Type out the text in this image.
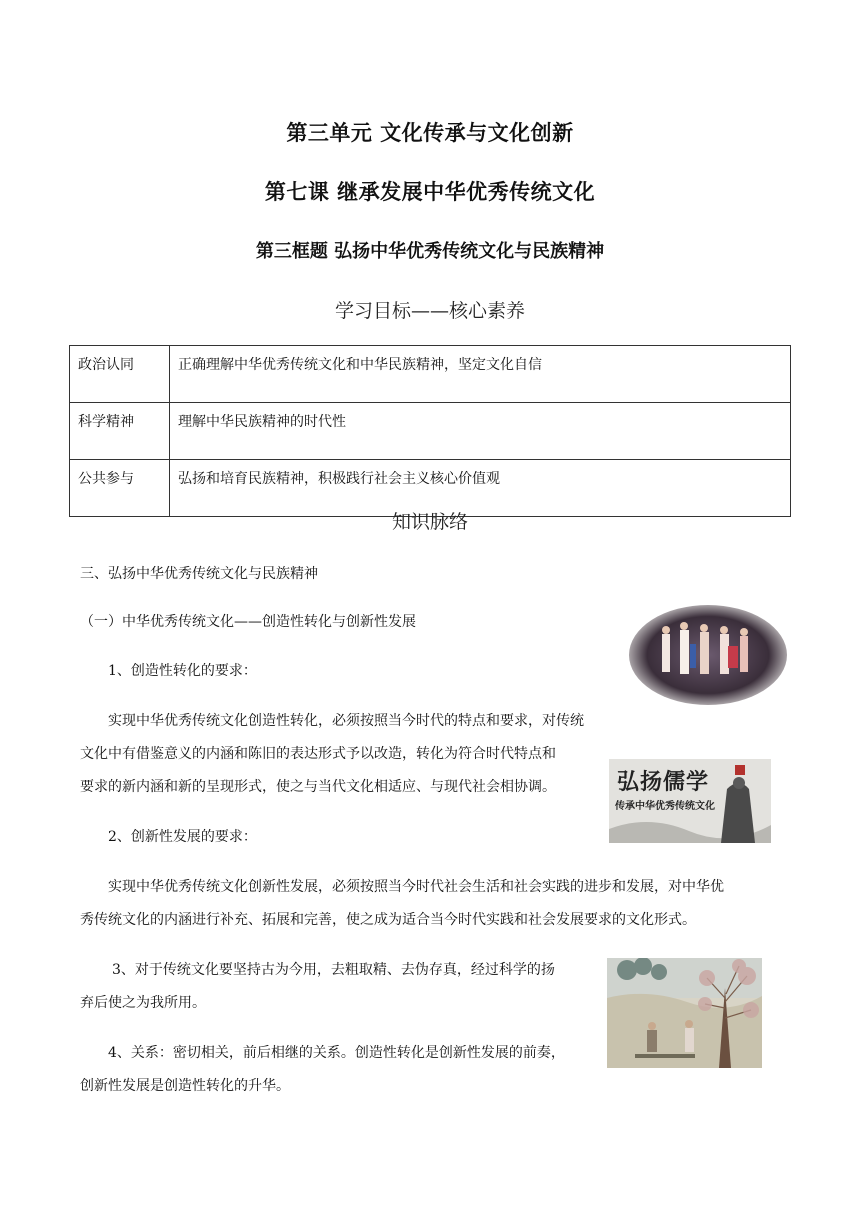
第三单元 文化传承与文化创新
第七课 继承发展中华优秀传统文化
第三框题 弘扬中华优秀传统文化与民族精神
学习目标——核心素养
政治认同	正确理解中华优秀传统文化和中华民族精神，坚定文化自信
科学精神	理解中华民族精神的时代性
公共参与	弘扬和培育民族精神，积极践行社会主义核心价值观
知识脉络
三、弘扬中华优秀传统文化与民族精神
（一）中华优秀传统文化——创造性转化与创新性发展
1、创造性转化的要求：
实现中华优秀传统文化创造性转化，必须按照当今时代的特点和要求，对传统
文化中有借鉴意义的内涵和陈旧的表达形式予以改造，转化为符合时代特点和
要求的新内涵和新的呈现形式，使之与当代文化相适应、与现代社会相协调。
2、创新性发展的要求：
实现中华优秀传统文化创新性发展，必须按照当今时代社会生活和社会实践的进步和发展，对中华优
秀传统文化的内涵进行补充、拓展和完善，使之成为适合当今时代实践和社会发展要求的文化形式。
3、对于传统文化要坚持古为今用，去粗取精、去伪存真，经过科学的扬
弃后使之为我所用。
4、关系：密切相关，前后相继的关系。创造性转化是创新性发展的前奏，
创新性发展是创造性转化的升华。
弘扬儒学
传承中华优秀传统文化
